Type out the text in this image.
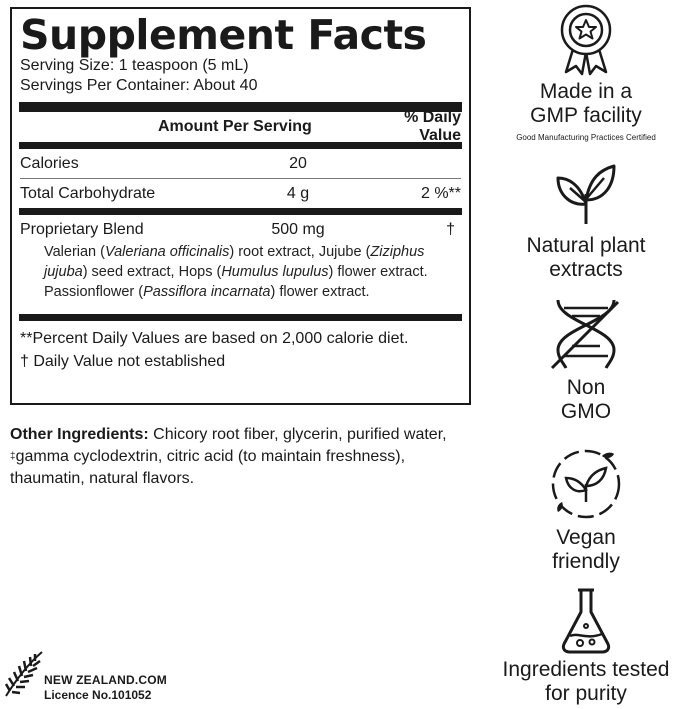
Supplement Facts
Serving Size: 1 teaspoon (5 mL)
Servings Per Container: About 40
Amount Per Serving
% Daily Value
Calories	20
Total Carbohydrate	4 g	2 %**
Proprietary Blend	500 mg	†
Valerian (Valeriana officinalis) root extract, Jujube (Ziziphus
jujuba) seed extract, Hops (Humulus lupulus) flower extract.
Passionflower (Passiflora incarnata) flower extract.
**Percent Daily Values are based on 2,000 calorie diet.
† Daily Value not established
Other Ingredients: Chicory root fiber, glycerin, purified water,
‡gamma cyclodextrin, citric acid (to maintain freshness),
thaumatin, natural flavors.
NEW ZEALAND.COM
Licence No.101052
Made in a
GMP facility
Good Manufacturing Practices Certified
Natural plant
extracts
Non
GMO
Vegan
friendly
Ingredients tested
for purity
